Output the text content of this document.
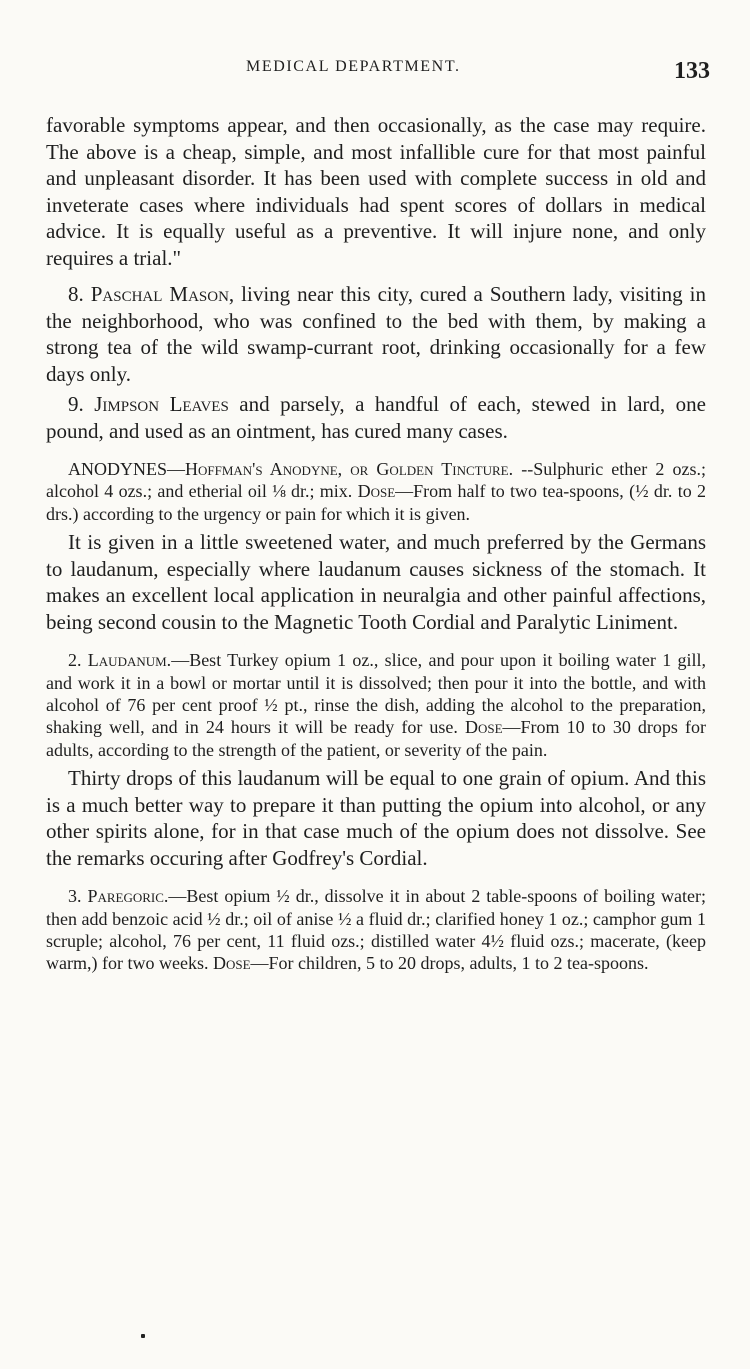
MEDICAL DEPARTMENT.	133

favorable symptoms appear, and then occasionally, as the case may require. The above is a cheap, simple, and most infallible cure for that most painful and unpleasant disorder. It has been used with complete success in old and inveterate cases where individuals had spent scores of dollars in medical advice. It is equally useful as a preventive. It will injure none, and only requires a trial."

8. Paschal Mason, living near this city, cured a Southern lady, visiting in the neighborhood, who was confined to the bed with them, by making a strong tea of the wild swamp-currant root, drinking occasionally for a few days only.

9. Jimpson Leaves and parsely, a handful of each, stewed in lard, one pound, and used as an ointment, has cured many cases.

ANODYNES—Hoffman's Anodyne, or Golden Tincture. --Sulphuric ether 2 ozs.; alcohol 4 ozs.; and etherial oil ⅛ dr.; mix. Dose—From half to two tea-spoons, (½ dr. to 2 drs.) according to the urgency or pain for which it is given.

It is given in a little sweetened water, and much preferred by the Germans to laudanum, especially where laudanum causes sickness of the stomach. It makes an excellent local application in neuralgia and other painful affections, being second cousin to the Magnetic Tooth Cordial and Paralytic Liniment.

2. Laudanum.—Best Turkey opium 1 oz., slice, and pour upon it boiling water 1 gill, and work it in a bowl or mortar until it is dissolved; then pour it into the bottle, and with alcohol of 76 per cent proof ½ pt., rinse the dish, adding the alcohol to the preparation, shaking well, and in 24 hours it will be ready for use. Dose—From 10 to 30 drops for adults, according to the strength of the patient, or severity of the pain.

Thirty drops of this laudanum will be equal to one grain of opium. And this is a much better way to prepare it than putting the opium into alcohol, or any other spirits alone, for in that case much of the opium does not dissolve. See the remarks occuring after Godfrey's Cordial.

3. Paregoric.—Best opium ½ dr., dissolve it in about 2 table-spoons of boiling water; then add benzoic acid ½ dr.; oil of anise ½ a fluid dr.; clarified honey 1 oz.; camphor gum 1 scruple; alcohol, 76 per cent, 11 fluid ozs.; distilled water 4½ fluid ozs.; macerate, (keep warm,) for two weeks. Dose—For children, 5 to 20 drops, adults, 1 to 2 tea-spoons.
